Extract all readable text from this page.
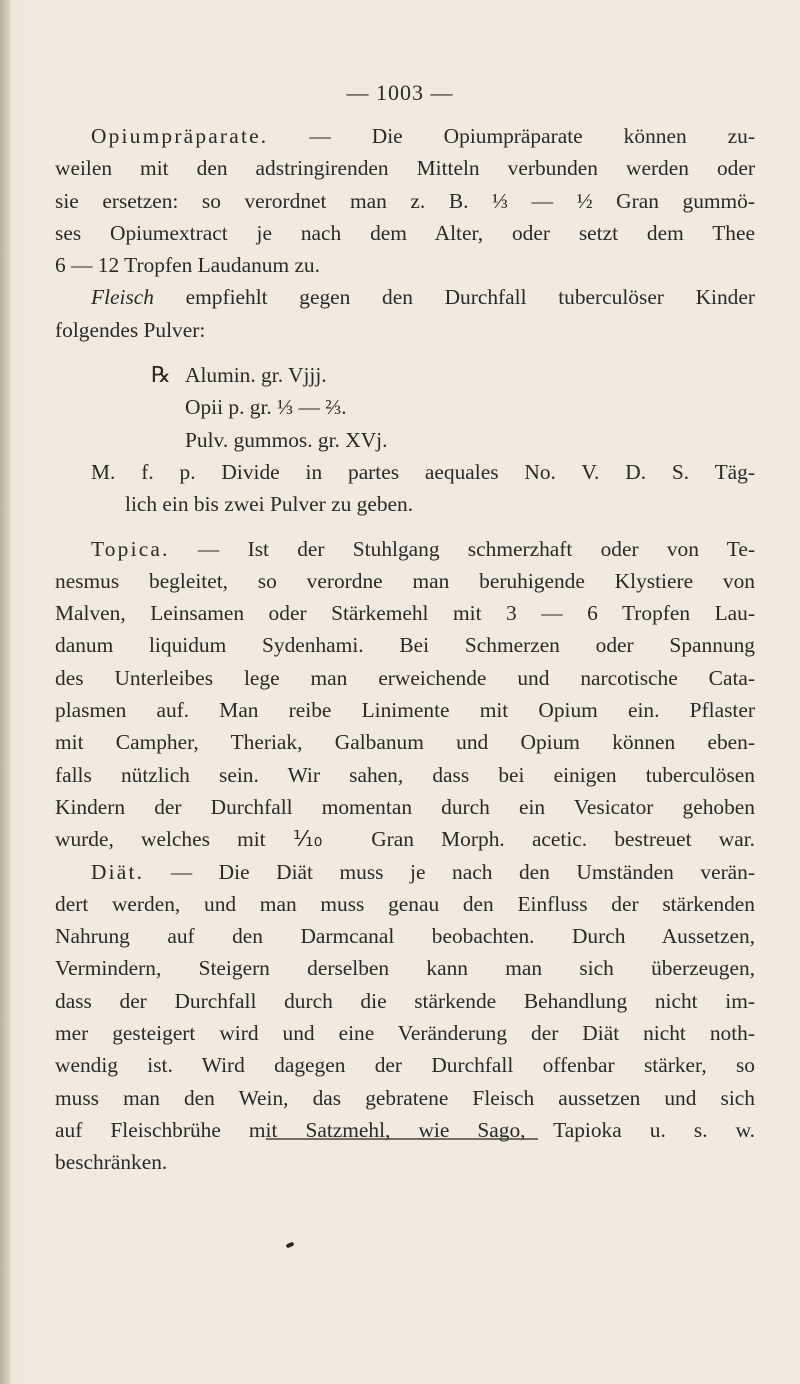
— 1003 —
Opiumpräparate. — Die Opiumpräparate können zu-
weilen mit den adstringirenden Mitteln verbunden werden oder
sie ersetzen: so verordnet man z. B. ⅓ — ½ Gran gummö-
ses Opiumextract je nach dem Alter, oder setzt dem Thee
6 — 12 Tropfen Laudanum zu.
Fleisch empfiehlt gegen den Durchfall tuberculöser Kinder
folgendes Pulver:
℞ Alumin. gr. Vjjj.
Opii p. gr. ⅓ — ⅔.
Pulv. gummos. gr. XVj.
M. f. p. Divide in partes aequales No. V. D. S. Täg-
lich ein bis zwei Pulver zu geben.
Topica. — Ist der Stuhlgang schmerzhaft oder von Te-
nesmus begleitet, so verordne man beruhigende Klystiere von
Malven, Leinsamen oder Stärkemehl mit 3 — 6 Tropfen Lau-
danum liquidum Sydenhami. Bei Schmerzen oder Spannung
des Unterleibes lege man erweichende und narcotische Cata-
plasmen auf. Man reibe Linimente mit Opium ein. Pflaster
mit Campher, Theriak, Galbanum und Opium können eben-
falls nützlich sein. Wir sahen, dass bei einigen tuberculösen
Kindern der Durchfall momentan durch ein Vesicator gehoben
wurde, welches mit ⅒ Gran Morph. acetic. bestreuet war.
Diät. — Die Diät muss je nach den Umständen verän-
dert werden, und man muss genau den Einfluss der stärkenden
Nahrung auf den Darmcanal beobachten. Durch Aussetzen,
Vermindern, Steigern derselben kann man sich überzeugen,
dass der Durchfall durch die stärkende Behandlung nicht im-
mer gesteigert wird und eine Veränderung der Diät nicht noth-
wendig ist. Wird dagegen der Durchfall offenbar stärker, so
muss man den Wein, das gebratene Fleisch aussetzen und sich
auf Fleischbrühe mit Satzmehl, wie Sago, Tapioka u. s. w.
beschränken.
